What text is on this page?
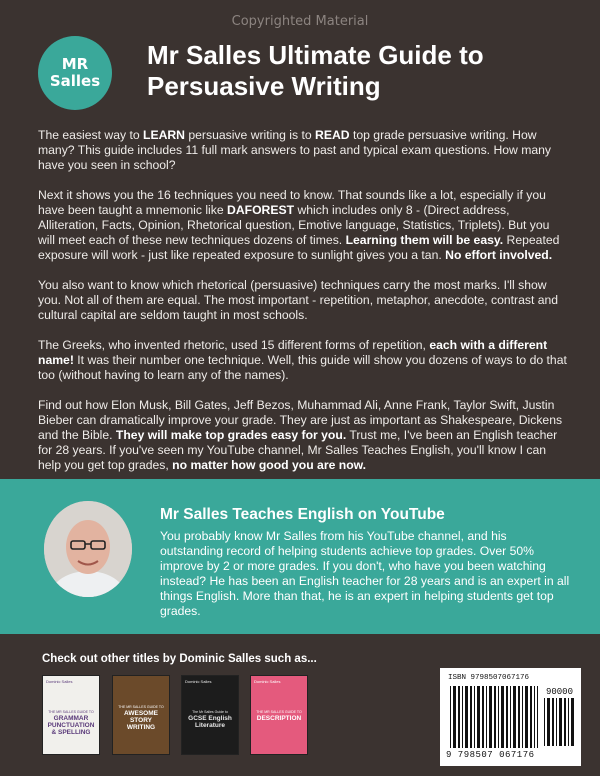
Copyrighted Material
MR
Salles
Mr Salles Ultimate Guide to Persuasive Writing

The easiest way to LEARN persuasive writing is to READ top grade persuasive writing. How many? This guide includes 11 full mark answers to past and typical exam questions. How many have you seen in school?

Next it shows you the 16 techniques you need to know. That sounds like a lot, especially if you have been taught a mnemonic like DAFOREST which includes only 8 - (Direct address, Alliteration, Facts, Opinion, Rhetorical question, Emotive language, Statistics, Triplets). But you will meet each of these new techniques dozens of times. Learning them will be easy. Repeated exposure will work - just like repeated exposure to sunlight gives you a tan. No effort involved.

You also want to know which rhetorical (persuasive) techniques carry the most marks. I'll show you. Not all of them are equal. The most important - repetition, metaphor, anecdote, contrast and cultural capital are seldom taught in most schools.

The Greeks, who invented rhetoric, used 15 different forms of repetition, each with a different name! It was their number one technique. Well, this guide will show you dozens of ways to do that too (without having to learn any of the names).

Find out how Elon Musk, Bill Gates, Jeff Bezos, Muhammad Ali, Anne Frank, Taylor Swift, Justin Bieber can dramatically improve your grade. They are just as important as Shakespeare, Dickens and the Bible. They will make top grades easy for you. Trust me, I've been an English teacher for 28 years. If you've seen my YouTube channel, Mr Salles Teaches English, you'll know I can help you get top grades, no matter how good you are now.

Mr Salles Teaches English on YouTube
You probably know Mr Salles from his YouTube channel, and his outstanding record of helping students achieve top grades. Over 50% improve by 2 or more grades. If you don't, who have you been watching instead? He has been an English teacher for 28 years and is an expert in all things English. More than that, he is an expert in helping students get top grades.
Check out other titles by Dominic Salles such as...
Dominic Salles
THE MR SALLES GUIDE TO
GRAMMAR PUNCTUATION & SPELLING
THE MR SALLES GUIDE TO
AWESOME STORY WRITING
Dominic Salles
The Mr Salles Guide to
GCSE English Literature
Dominic Salles
THE MR SALLES GUIDE TO
DESCRIPTION
ISBN 9798507067176
90000
9 798507 067176
